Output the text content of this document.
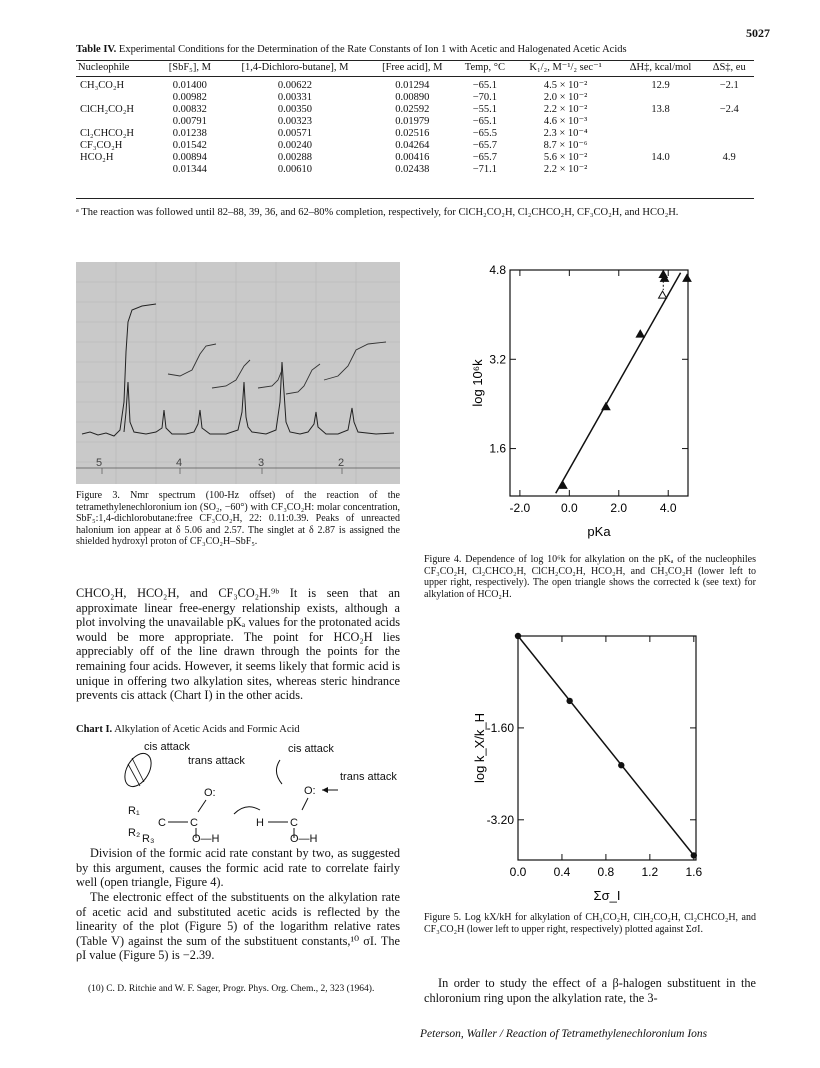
5027
Table IV. Experimental Conditions for the Determination of the Rate Constants of Ion 1 with Acetic and Halogenated Acetic Acids
Nucleophile	[SbF₅], M	[1,4-Dichloro-butane], M	[Free acid], M	Temp, °C	K₁/₂, M⁻¹/₂ sec⁻¹	ΔH‡, kcal/mol	ΔS‡, eu
CH₃CO₂H	0.01400	0.00622	0.01294	−65.1	4.5 × 10⁻²	12.9	−2.1
	0.00982	0.00331	0.00890	−70.1	2.0 × 10⁻²		
ClCH₂CO₂H	0.00832	0.00350	0.02592	−55.1	2.2 × 10⁻²	13.8	−2.4
	0.00791	0.00323	0.01979	−65.1	4.6 × 10⁻³		
Cl₂CHCO₂H	0.01238	0.00571	0.02516	−65.5	2.3 × 10⁻⁴		
CF₃CO₂H	0.01542	0.00240	0.04264	−65.7	8.7 × 10⁻⁶		
HCO₂H	0.00894	0.00288	0.00416	−65.7	5.6 × 10⁻²	14.0	4.9
	0.01344	0.00610	0.02438	−71.1	2.2 × 10⁻²		
ᵃ The reaction was followed until 82–88, 39, 36, and 62–80% completion, respectively, for ClCH₂CO₂H, Cl₂CHCO₂H, CF₃CO₂H, and HCO₂H.
5	4	3	2
Figure 3. Nmr spectrum (100-Hz offset) of the reaction of the tetramethylenechloronium ion (SO₂, −60°) with CF₃CO₂H: molar concentration, SbF₅:1,4-dichlorobutane:free CF₃CO₂H, 22: 0.11:0.39. Peaks of unreacted halonium ion appear at δ 5.06 and 2.57. The singlet at δ 2.87 is assigned the shielded hydroxyl proton of CF₃CO₂H–SbF₅.
-2.0	0.0	2.0	4.0
1.6
3.2
4.8
pKa
log 10⁶k
Figure 4. Dependence of log 10⁶k for alkylation on the pKₐ of the nucleophiles CF₃CO₂H, Cl₂CHCO₂H, ClCH₂CO₂H, HCO₂H, and CH₃CO₂H (lower left to upper right, respectively). The open triangle shows the corrected k (see text) for alkylation of HCO₂H.
CHCO₂H, HCO₂H, and CF₃CO₂H.⁹ᵇ It is seen that an approximate linear free-energy relationship exists, although a plot involving the unavailable pKₐ values for the protonated acids would be more appropriate. The point for HCO₂H lies appreciably off of the line drawn through the points for the remaining four acids. However, it seems likely that formic acid is unique in offering two alkylation sites, whereas steric hindrance prevents cis attack (Chart I) in the other acids.
Chart I. Alkylation of Acetic Acids and Formic Acid
cis attack
trans attack
O:
C
C
R₁
R₂ R₃	O—H
cis attack
trans attack
O:
H C
O—H
Division of the formic acid rate constant by two, as suggested by this argument, causes the formic acid rate to correlate fairly well (open triangle, Figure 4).
The electronic effect of the substituents on the alkylation rate of acetic acid and substituted acetic acids is reflected by the linearity of the plot (Figure 5) of the logarithm relative rates (Table V) against the sum of the substituent constants,¹⁰ σI. The ρI value (Figure 5) is −2.39.
(10) C. D. Ritchie and W. F. Sager, Progr. Phys. Org. Chem., 2, 323 (1964).
0.0 0.4 0.8 1.2 1.6
-3.20
-1.60
Σσ_I
log k_X/k_H
Figure 5. Log kX/kH for alkylation of CH₃CO₂H, ClH₂CO₂H, Cl₂CHCO₂H, and CF₃CO₂H (lower left to upper right, respectively) plotted against ΣσI.
In order to study the effect of a β-halogen substituent in the chloronium ring upon the alkylation rate, the 3-
Peterson, Waller / Reaction of Tetramethylenechloronium Ions
